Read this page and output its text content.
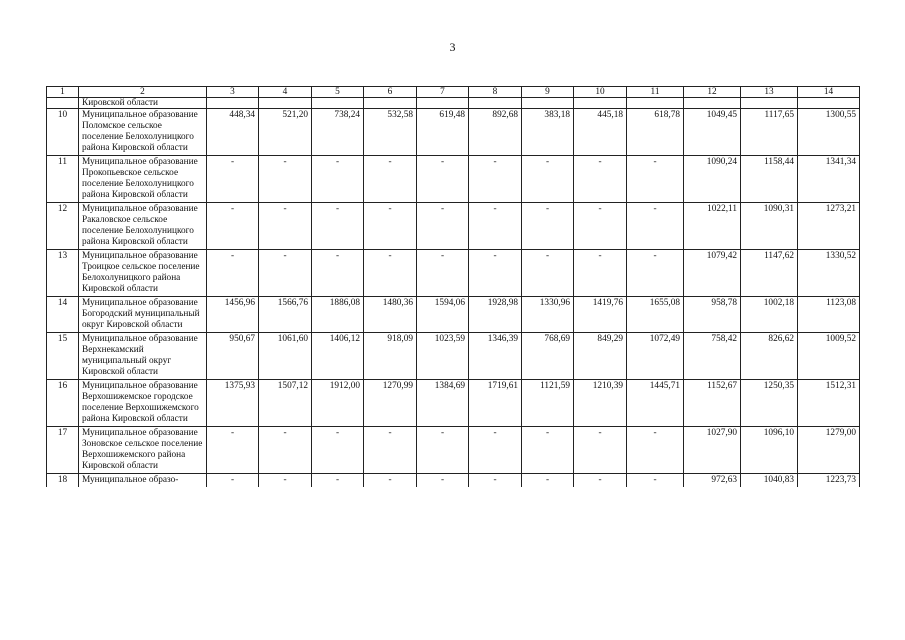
3
1	2	3	4	5	6	7	8	9	10	11	12	13	14
	Кировской области												
10	Муниципальное образование Поломское сельское поселение Белохолуницкого района Кировской области	448,34	521,20	738,24	532,58	619,48	892,68	383,18	445,18	618,78	1049,45	1117,65	1300,55
11	Муниципальное образование Прокопьевское сельское поселение Белохолуницкого района Кировской области	-	-	-	-	-	-	-	-	-	1090,24	1158,44	1341,34
12	Муниципальное образование Ракаловское сельское поселение Белохолуницкого района Кировской области	-	-	-	-	-	-	-	-	-	1022,11	1090,31	1273,21
13	Муниципальное образование Троицкое сельское поселение Белохолуницкого района Кировской области	-	-	-	-	-	-	-	-	-	1079,42	1147,62	1330,52
14	Муниципальное образование Богородский муниципальный округ Кировской области	1456,96	1566,76	1886,08	1480,36	1594,06	1928,98	1330,96	1419,76	1655,08	958,78	1002,18	1123,08
15	Муниципальное образование Верхнекамский муниципальный округ Кировской области	950,67	1061,60	1406,12	918,09	1023,59	1346,39	768,69	849,29	1072,49	758,42	826,62	1009,52
16	Муниципальное образование Верхошижемское городское поселение Верхошижемского района Кировской области	1375,93	1507,12	1912,00	1270,99	1384,69	1719,61	1121,59	1210,39	1445,71	1152,67	1250,35	1512,31
17	Муниципальное образование Зоновское сельское поселение Верхошижемского района Кировской области	-	-	-	-	-	-	-	-	-	1027,90	1096,10	1279,00
18	Муниципальное образо-	-	-	-	-	-	-	-	-	-	972,63	1040,83	1223,73
